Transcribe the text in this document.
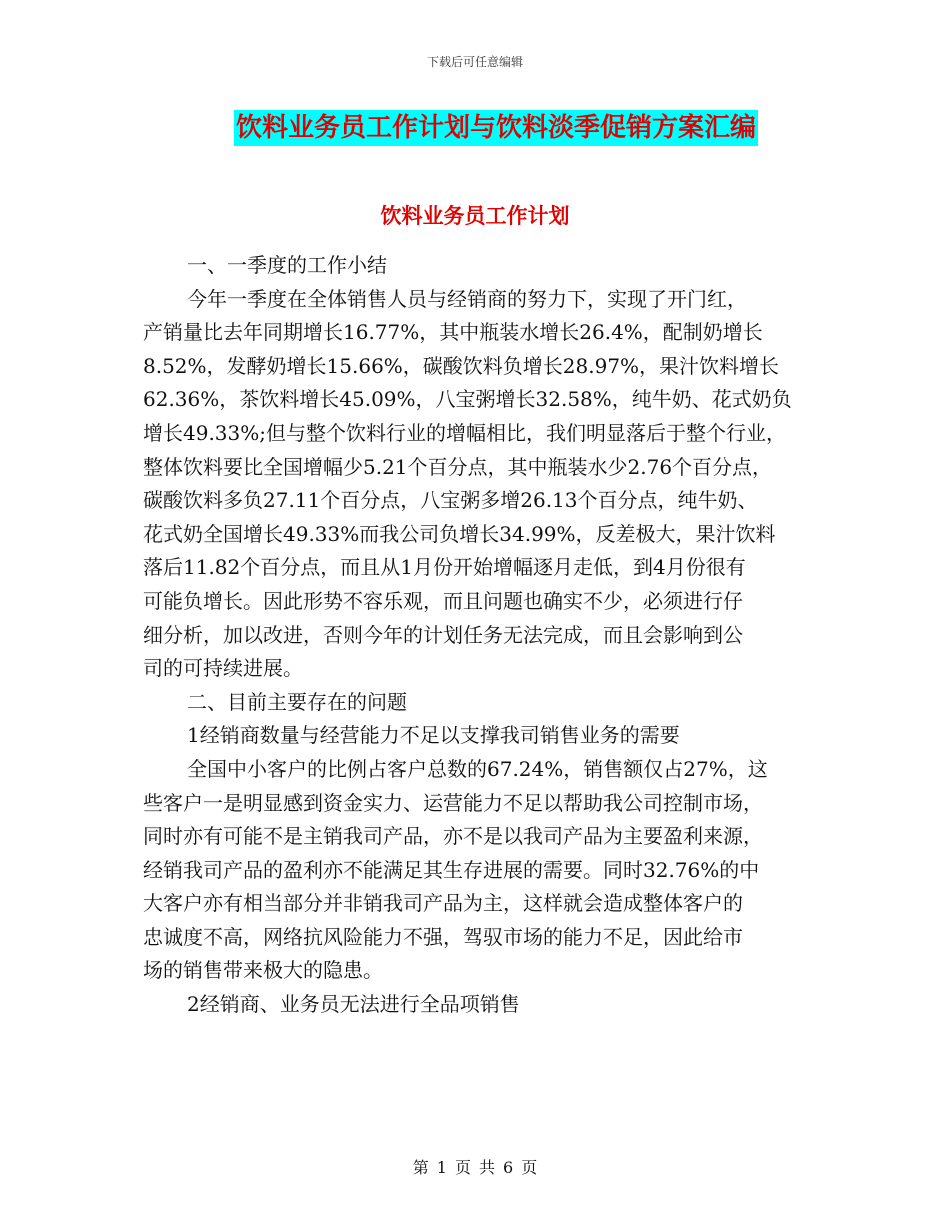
下载后可任意编辑
饮料业务员工作计划与饮料淡季促销方案汇编
饮料业务员工作计划
一、一季度的工作小结
今年一季度在全体销售人员与经销商的努力下，实现了开门红，
产销量比去年同期增长16.77%，其中瓶装水增长26.4%，配制奶增长
8.52%，发酵奶增长15.66%，碳酸饮料负增长28.97%，果汁饮料增长
62.36%，茶饮料增长45.09%，八宝粥增长32.58%，纯牛奶、花式奶负
增长49.33%;但与整个饮料行业的增幅相比，我们明显落后于整个行业，
整体饮料要比全国增幅少5.21个百分点，其中瓶装水少2.76个百分点，
碳酸饮料多负27.11个百分点，八宝粥多增26.13个百分点，纯牛奶、
花式奶全国增长49.33%而我公司负增长34.99%，反差极大，果汁饮料
落后11.82个百分点，而且从1月份开始增幅逐月走低，到4月份很有
可能负增长。因此形势不容乐观，而且问题也确实不少，必须进行仔
细分析，加以改进，否则今年的计划任务无法完成，而且会影响到公
司的可持续进展。
二、目前主要存在的问题
1经销商数量与经营能力不足以支撑我司销售业务的需要
全国中小客户的比例占客户总数的67.24%，销售额仅占27%，这
些客户一是明显感到资金实力、运营能力不足以帮助我公司控制市场，
同时亦有可能不是主销我司产品，亦不是以我司产品为主要盈利来源，
经销我司产品的盈利亦不能满足其生存进展的需要。同时32.76%的中
大客户亦有相当部分并非销我司产品为主，这样就会造成整体客户的
忠诚度不高，网络抗风险能力不强，驾驭市场的能力不足，因此给市
场的销售带来极大的隐患。
2经销商、业务员无法进行全品项销售
第 1 页 共 6 页
